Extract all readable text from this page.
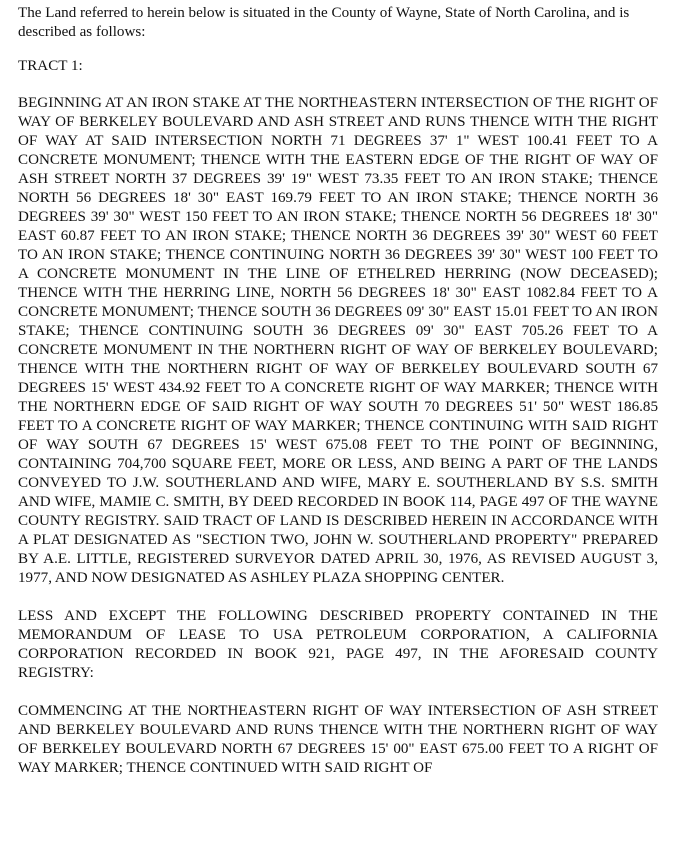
The Land referred to herein below is situated in the County of Wayne, State of North Carolina, and is described as follows:

TRACT 1:

BEGINNING AT AN IRON STAKE AT THE NORTHEASTERN INTERSECTION OF THE RIGHT OF WAY OF BERKELEY BOULEVARD AND ASH STREET AND RUNS THENCE WITH THE RIGHT OF WAY AT SAID INTERSECTION NORTH 71 DEGREES 37' 1" WEST 100.41 FEET TO A CONCRETE MONUMENT; THENCE WITH THE EASTERN EDGE OF THE RIGHT OF WAY OF ASH STREET NORTH 37 DEGREES 39' 19" WEST 73.35 FEET TO AN IRON STAKE; THENCE NORTH 56 DEGREES 18' 30" EAST 169.79 FEET TO AN IRON STAKE; THENCE NORTH 36 DEGREES 39' 30" WEST 150 FEET TO AN IRON STAKE; THENCE NORTH 56 DEGREES 18' 30" EAST 60.87 FEET TO AN IRON STAKE; THENCE NORTH 36 DEGREES 39' 30" WEST 60 FEET TO AN IRON STAKE; THENCE CONTINUING NORTH 36 DEGREES 39' 30" WEST 100 FEET TO A CONCRETE MONUMENT IN THE LINE OF ETHELRED HERRING (NOW DECEASED); THENCE WITH THE HERRING LINE, NORTH 56 DEGREES 18' 30" EAST 1082.84 FEET TO A CONCRETE MONUMENT; THENCE SOUTH 36 DEGREES 09' 30" EAST 15.01 FEET TO AN IRON STAKE; THENCE CONTINUING SOUTH 36 DEGREES 09' 30" EAST 705.26 FEET TO A CONCRETE MONUMENT IN THE NORTHERN RIGHT OF WAY OF BERKELEY BOULEVARD; THENCE WITH THE NORTHERN RIGHT OF WAY OF BERKELEY BOULEVARD SOUTH 67 DEGREES 15' WEST 434.92 FEET TO A CONCRETE RIGHT OF WAY MARKER; THENCE WITH THE NORTHERN EDGE OF SAID RIGHT OF WAY SOUTH 70 DEGREES 51' 50" WEST 186.85 FEET TO A CONCRETE RIGHT OF WAY MARKER; THENCE CONTINUING WITH SAID RIGHT OF WAY SOUTH 67 DEGREES 15' WEST 675.08 FEET TO THE POINT OF BEGINNING, CONTAINING 704,700 SQUARE FEET, MORE OR LESS, AND BEING A PART OF THE LANDS CONVEYED TO J.W. SOUTHERLAND AND WIFE, MARY E. SOUTHERLAND BY S.S. SMITH AND WIFE, MAMIE C. SMITH, BY DEED RECORDED IN BOOK 114, PAGE 497 OF THE WAYNE COUNTY REGISTRY. SAID TRACT OF LAND IS DESCRIBED HEREIN IN ACCORDANCE WITH A PLAT DESIGNATED AS "SECTION TWO, JOHN W. SOUTHERLAND PROPERTY" PREPARED BY A.E. LITTLE, REGISTERED SURVEYOR DATED APRIL 30, 1976, AS REVISED AUGUST 3, 1977, AND NOW DESIGNATED AS ASHLEY PLAZA SHOPPING CENTER.

LESS AND EXCEPT THE FOLLOWING DESCRIBED PROPERTY CONTAINED IN THE MEMORANDUM OF LEASE TO USA PETROLEUM CORPORATION, A CALIFORNIA CORPORATION RECORDED IN BOOK 921, PAGE 497, IN THE AFORESAID COUNTY REGISTRY:

COMMENCING AT THE NORTHEASTERN RIGHT OF WAY INTERSECTION OF ASH STREET AND BERKELEY BOULEVARD AND RUNS THENCE WITH THE NORTHERN RIGHT OF WAY OF BERKELEY BOULEVARD NORTH 67 DEGREES 15' 00" EAST 675.00 FEET TO A RIGHT OF WAY MARKER; THENCE CONTINUED WITH SAID RIGHT OF
